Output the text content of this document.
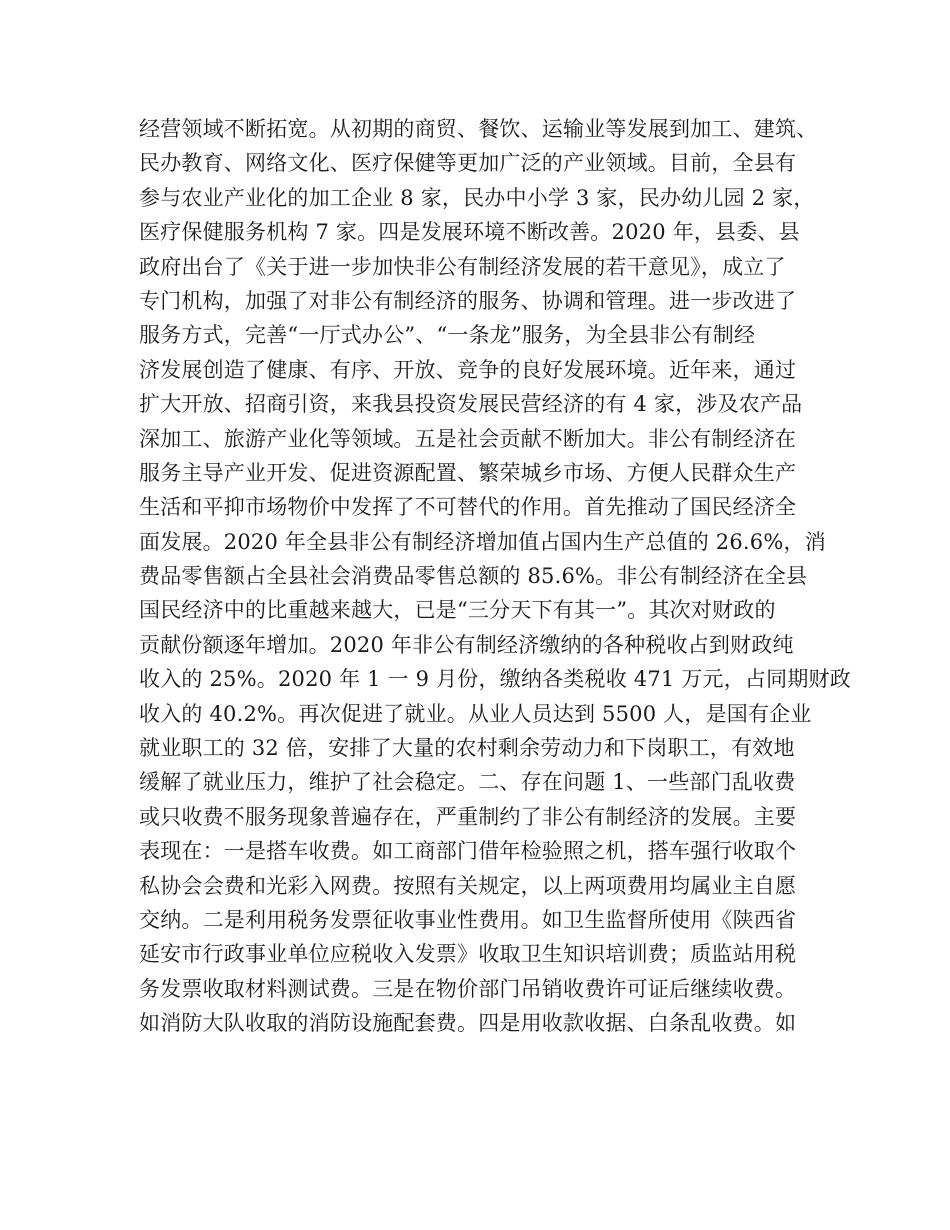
经营领域不断拓宽。从初期的商贸、餐饮、运输业等发展到加工、建筑、
民办教育、网络文化、医疗保健等更加广泛的产业领域。目前，全县有
参与农业产业化的加工企业 8 家，民办中小学 3 家，民办幼儿园 2 家，
医疗保健服务机构 7 家。四是发展环境不断改善。2020 年，县委、县
政府出台了《关于进一步加快非公有制经济发展的若干意见》，成立了
专门机构，加强了对非公有制经济的服务、协调和管理。进一步改进了
服务方式，完善“一厅式办公”、“一条龙”服务，为全县非公有制经
济发展创造了健康、有序、开放、竞争的良好发展环境。近年来，通过
扩大开放、招商引资，来我县投资发展民营经济的有 4 家，涉及农产品
深加工、旅游产业化等领域。五是社会贡献不断加大。非公有制经济在
服务主导产业开发、促进资源配置、繁荣城乡市场、方便人民群众生产
生活和平抑市场物价中发挥了不可替代的作用。首先推动了国民经济全
面发展。2020 年全县非公有制经济增加值占国内生产总值的 26.6%，消
费品零售额占全县社会消费品零售总额的 85.6%。非公有制经济在全县
国民经济中的比重越来越大，已是“三分天下有其一”。其次对财政的
贡献份额逐年增加。2020 年非公有制经济缴纳的各种税收占到财政纯
收入的 25%。2020 年 1 一 9 月份，缴纳各类税收 471 万元，占同期财政
收入的 40.2%。再次促进了就业。从业人员达到 5500 人，是国有企业
就业职工的 32 倍，安排了大量的农村剩余劳动力和下岗职工，有效地
缓解了就业压力，维护了社会稳定。二、存在问题 1、一些部门乱收费
或只收费不服务现象普遍存在，严重制约了非公有制经济的发展。主要
表现在：一是搭车收费。如工商部门借年检验照之机，搭车强行收取个
私协会会费和光彩入网费。按照有关规定，以上两项费用均属业主自愿
交纳。二是利用税务发票征收事业性费用。如卫生监督所使用《陕西省
延安市行政事业单位应税收入发票》收取卫生知识培训费；质监站用税
务发票收取材料测试费。三是在物价部门吊销收费许可证后继续收费。
如消防大队收取的消防设施配套费。四是用收款收据、白条乱收费。如
